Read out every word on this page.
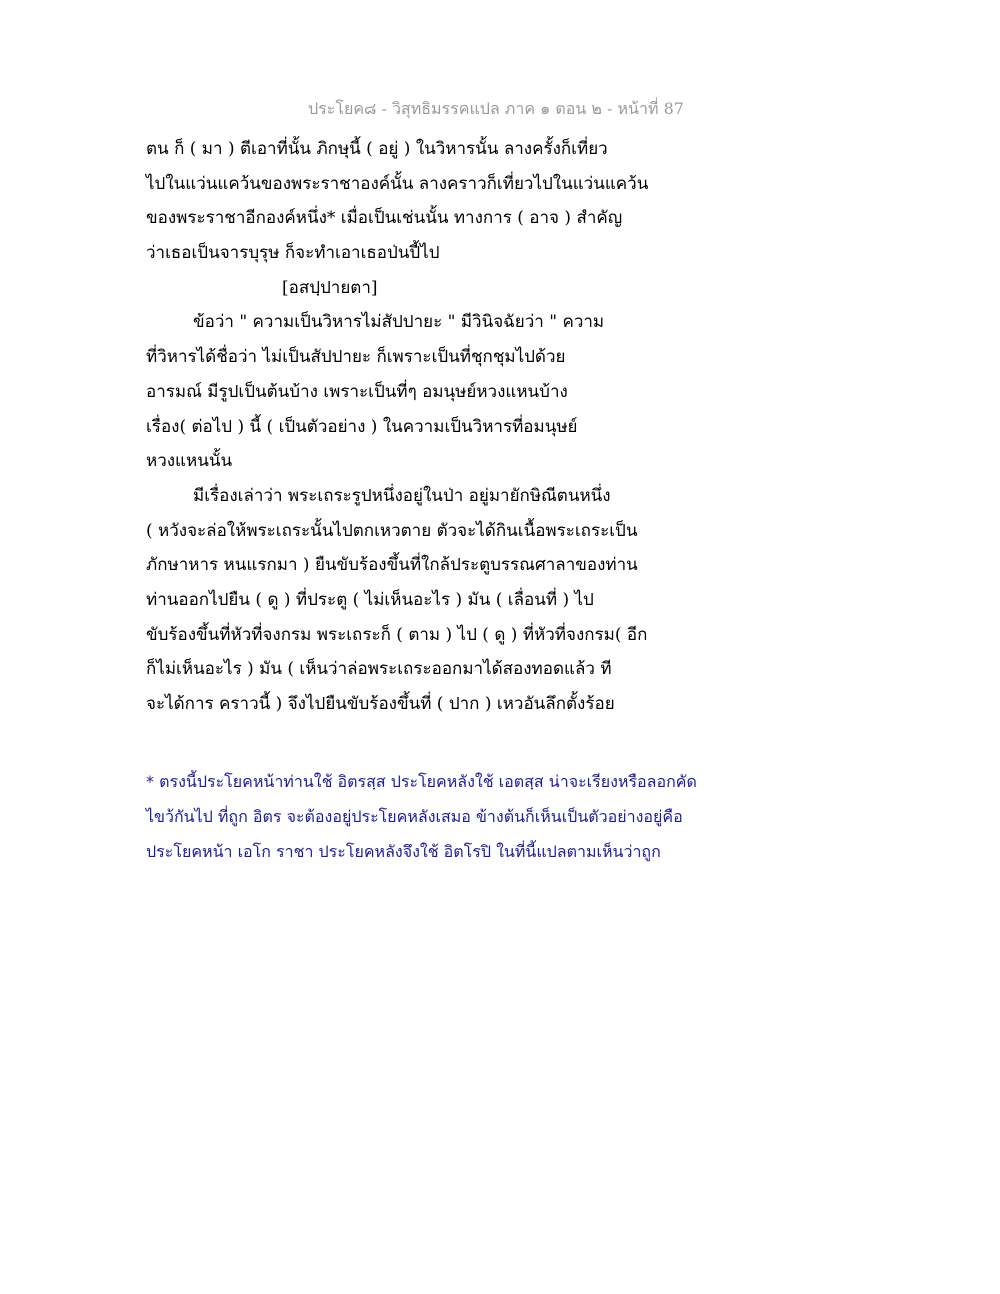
ประโยค๘ - วิสุทธิมรรคแปล ภาค ๑ ตอน ๒ - หน้าที่ 87
ตน ก็ ( มา ) ตีเอาที่นั้น ภิกษุนี้ ( อยู่ ) ในวิหารนั้น ลางครั้งก็เที่ยว
ไปในแว่นแคว้นของพระราชาองค์นั้น ลางคราวก็เที่ยวไปในแว่นแคว้น
ของพระราชาอีกองค์หนึ่ง* เมื่อเป็นเช่นนั้น ทางการ ( อาจ ) สำคัญ
ว่าเธอเป็นจารบุรุษ ก็จะทำเอาเธอป่นปี้ไป
[อสปฺปายตา]
ข้อว่า " ความเป็นวิหารไม่สัปปายะ " มีวินิจฉัยว่า " ความ
ที่วิหารได้ชื่อว่า ไม่เป็นสัปปายะ ก็เพราะเป็นที่ชุกชุมไปด้วย
อารมณ์ มีรูปเป็นต้นบ้าง เพราะเป็นที่ๆ อมนุษย์หวงแหนบ้าง
เรื่อง( ต่อไป ) นี้ ( เป็นตัวอย่าง ) ในความเป็นวิหารที่อมนุษย์
หวงแหนนั้น
มีเรื่องเล่าว่า พระเถระรูปหนึ่งอยู่ในป่า อยู่มายักษิณีตนหนึ่ง
( หวังจะล่อให้พระเถระนั้นไปตกเหวตาย ตัวจะได้กินเนื้อพระเถระเป็น
ภักษาหาร หนแรกมา ) ยืนขับร้องขึ้นที่ใกล้ประตูบรรณศาลาของท่าน
ท่านออกไปยืน ( ดู ) ที่ประตู ( ไม่เห็นอะไร ) มัน ( เลื่อนที่ ) ไป
ขับร้องขึ้นที่หัวที่จงกรม พระเถระก็ ( ตาม ) ไป ( ดู ) ที่หัวที่จงกรม( อีก
ก็ไม่เห็นอะไร ) มัน ( เห็นว่าล่อพระเถระออกมาได้สองทอดแล้ว ที
จะได้การ คราวนี้ ) จึงไปยืนขับร้องขึ้นที่ ( ปาก ) เหวอันลึกตั้งร้อย
* ตรงนี้ประโยคหน้าท่านใช้ อิตรสฺส ประโยคหลังใช้ เอตสฺส น่าจะเรียงหรือลอกคัด
ไขว้กันไป ที่ถูก อิตร จะต้องอยู่ประโยคหลังเสมอ ข้างต้นก็เห็นเป็นตัวอย่างอยู่คือ
ประโยคหน้า เอโก ราชา ประโยคหลังจึงใช้ อิตโรปิ ในที่นี้แปลตามเห็นว่าถูก
